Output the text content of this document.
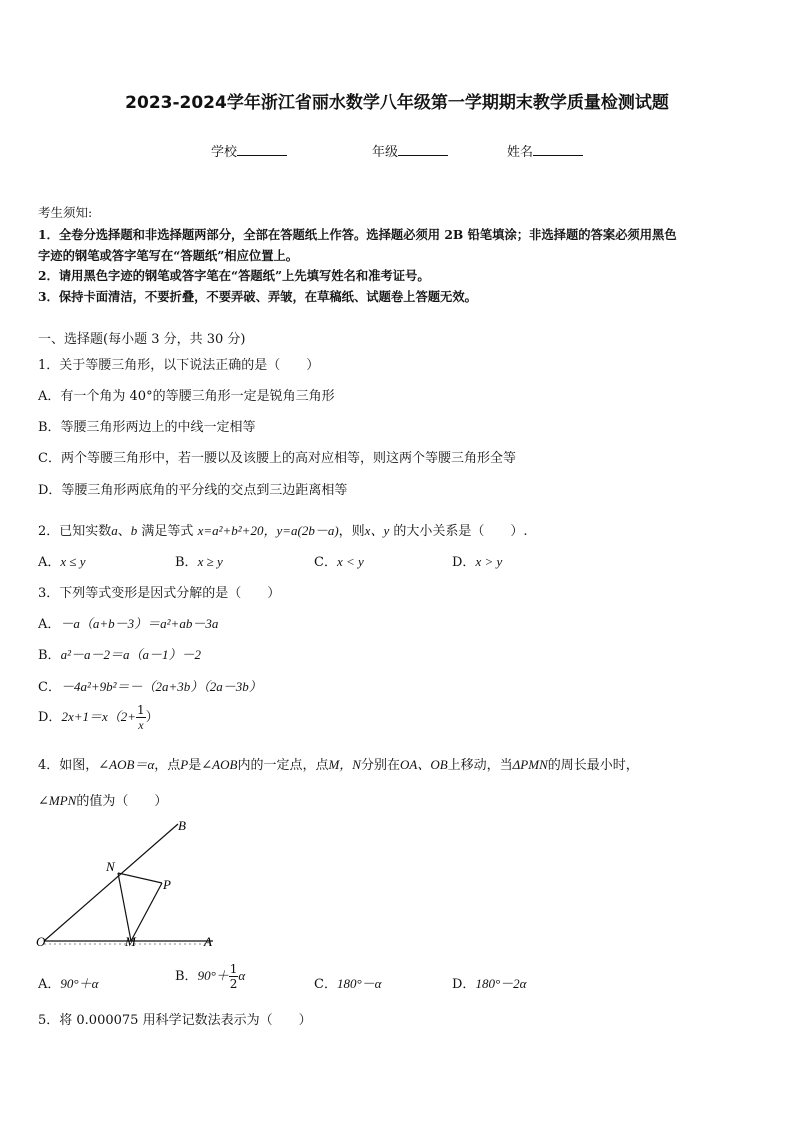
2023-2024学年浙江省丽水数学八年级第一学期期末教学质量检测试题
学校	年级	姓名
考生须知:
1．全卷分选择题和非选择题两部分，全部在答题纸上作答。选择题必须用 2B 铅笔填涂；非选择题的答案必须用黑色
字迹的钢笔或答字笔写在“答题纸”相应位置上。
2．请用黑色字迹的钢笔或答字笔在“答题纸”上先填写姓名和准考证号。
3．保持卡面清洁，不要折叠，不要弄破、弄皱，在草稿纸、试题卷上答题无效。
一、选择题(每小题 3 分，共 30 分)
1．关于等腰三角形，以下说法正确的是（　　）
A．有一个角为 40°的等腰三角形一定是锐角三角形
B．等腰三角形两边上的中线一定相等
C．两个等腰三角形中，若一腰以及该腰上的高对应相等，则这两个等腰三角形全等
D．等腰三角形两底角的平分线的交点到三边距离相等
2．已知实数a、b 满足等式 x=a²+b²+20，y=a(2b－a)，则x、y 的大小关系是（　　）.
A．x ≤ y	B．x ≥ y	C．x < y	D．x > y
3．下列等式变形是因式分解的是（　　）
A．－a（a+b－3）＝a²+ab－3a
B．a²－a－2＝a（a－1）－2
C．－4a²+9b²＝－（2a+3b）（2a－3b）
D．$2x+1=x(2+ \frac{1}{x}$ ）
4．如图，∠AOB＝α，点P是∠AOB内的一定点，点M，N分别在OA、OB上移动，当ΔPMN的周长最小时，
∠MPN的值为（　　）
B
N
P
O	M	A
A．90°＋α	B．$90^\circ+ \frac{1}{2}$ α
C．180°－α	D．180°－2α
5．将 0.000075 用科学记数法表示为（　　）
